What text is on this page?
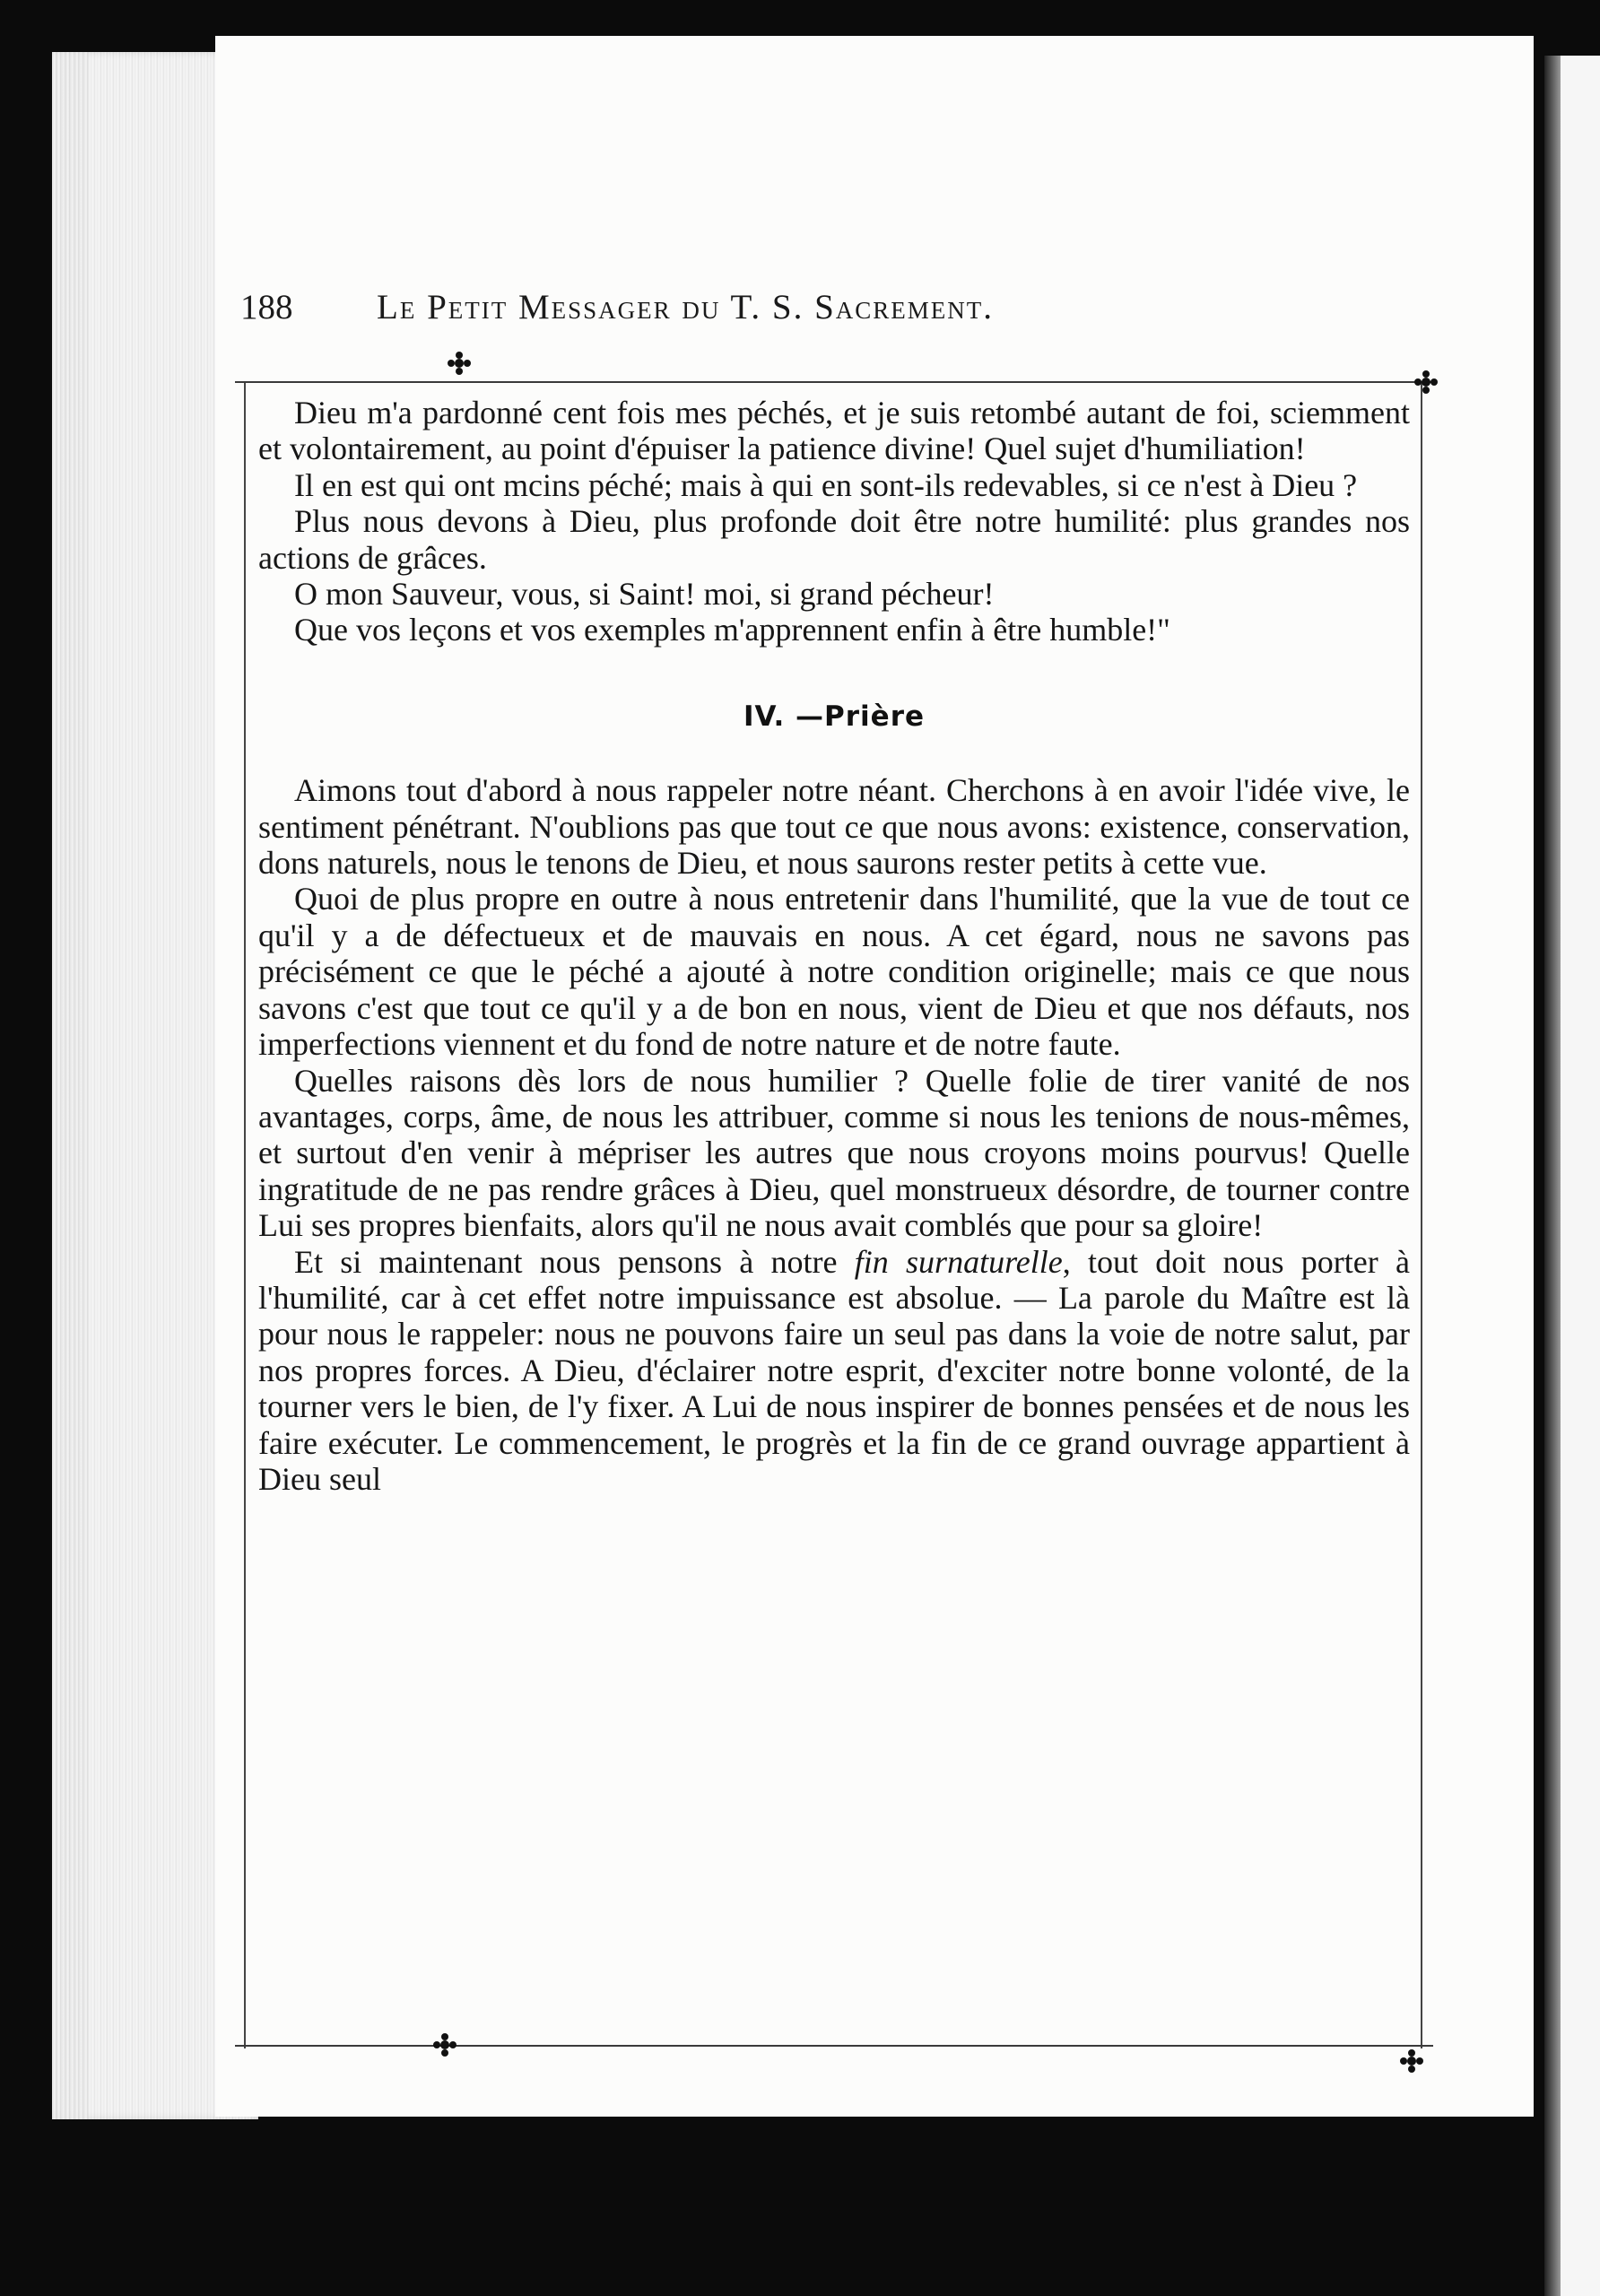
188 Le Petit Messager du T. S. Sacrement.

Dieu m'a pardonné cent fois mes péchés, et je suis retombé autant de foi, sciemment et volontairement, au point d'épuiser la patience divine! Quel sujet d'humiliation!

Il en est qui ont mcins péché; mais à qui en sont-ils redevables, si ce n'est à Dieu ?

Plus nous devons à Dieu, plus profonde doit être notre humilité: plus grandes nos actions de grâces.

O mon Sauveur, vous, si Saint! moi, si grand pécheur!

Que vos leçons et vos exemples m'apprennent enfin à être humble!"

IV. —Prière

Aimons tout d'abord à nous rappeler notre néant. Cherchons à en avoir l'idée vive, le sentiment pénétrant. N'oublions pas que tout ce que nous avons: existence, conservation, dons naturels, nous le tenons de Dieu, et nous saurons rester petits à cette vue.

Quoi de plus propre en outre à nous entretenir dans l'humilité, que la vue de tout ce qu'il y a de défectueux et de mauvais en nous. A cet égard, nous ne savons pas précisément ce que le péché a ajouté à notre condition originelle; mais ce que nous savons c'est que tout ce qu'il y a de bon en nous, vient de Dieu et que nos défauts, nos imperfections viennent et du fond de notre nature et de notre faute.

Quelles raisons dès lors de nous humilier ? Quelle folie de tirer vanité de nos avantages, corps, âme, de nous les attribuer, comme si nous les tenions de nous-mêmes, et surtout d'en venir à mépriser les autres que nous croyons moins pourvus! Quelle ingratitude de ne pas rendre grâces à Dieu, quel monstrueux désordre, de tourner contre Lui ses propres bienfaits, alors qu'il ne nous avait comblés que pour sa gloire!

Et si maintenant nous pensons à notre fin surnaturelle, tout doit nous porter à l'humilité, car à cet effet notre impuissance est absolue. — La parole du Maître est là pour nous le rappeler: nous ne pouvons faire un seul pas dans la voie de notre salut, par nos propres forces. A Dieu, d'éclairer notre esprit, d'exciter notre bonne volonté, de la tourner vers le bien, de l'y fixer. A Lui de nous inspirer de bonnes pensées et de nous les faire exécuter. Le commencement, le progrès et la fin de ce grand ouvrage appartient à Dieu seul
